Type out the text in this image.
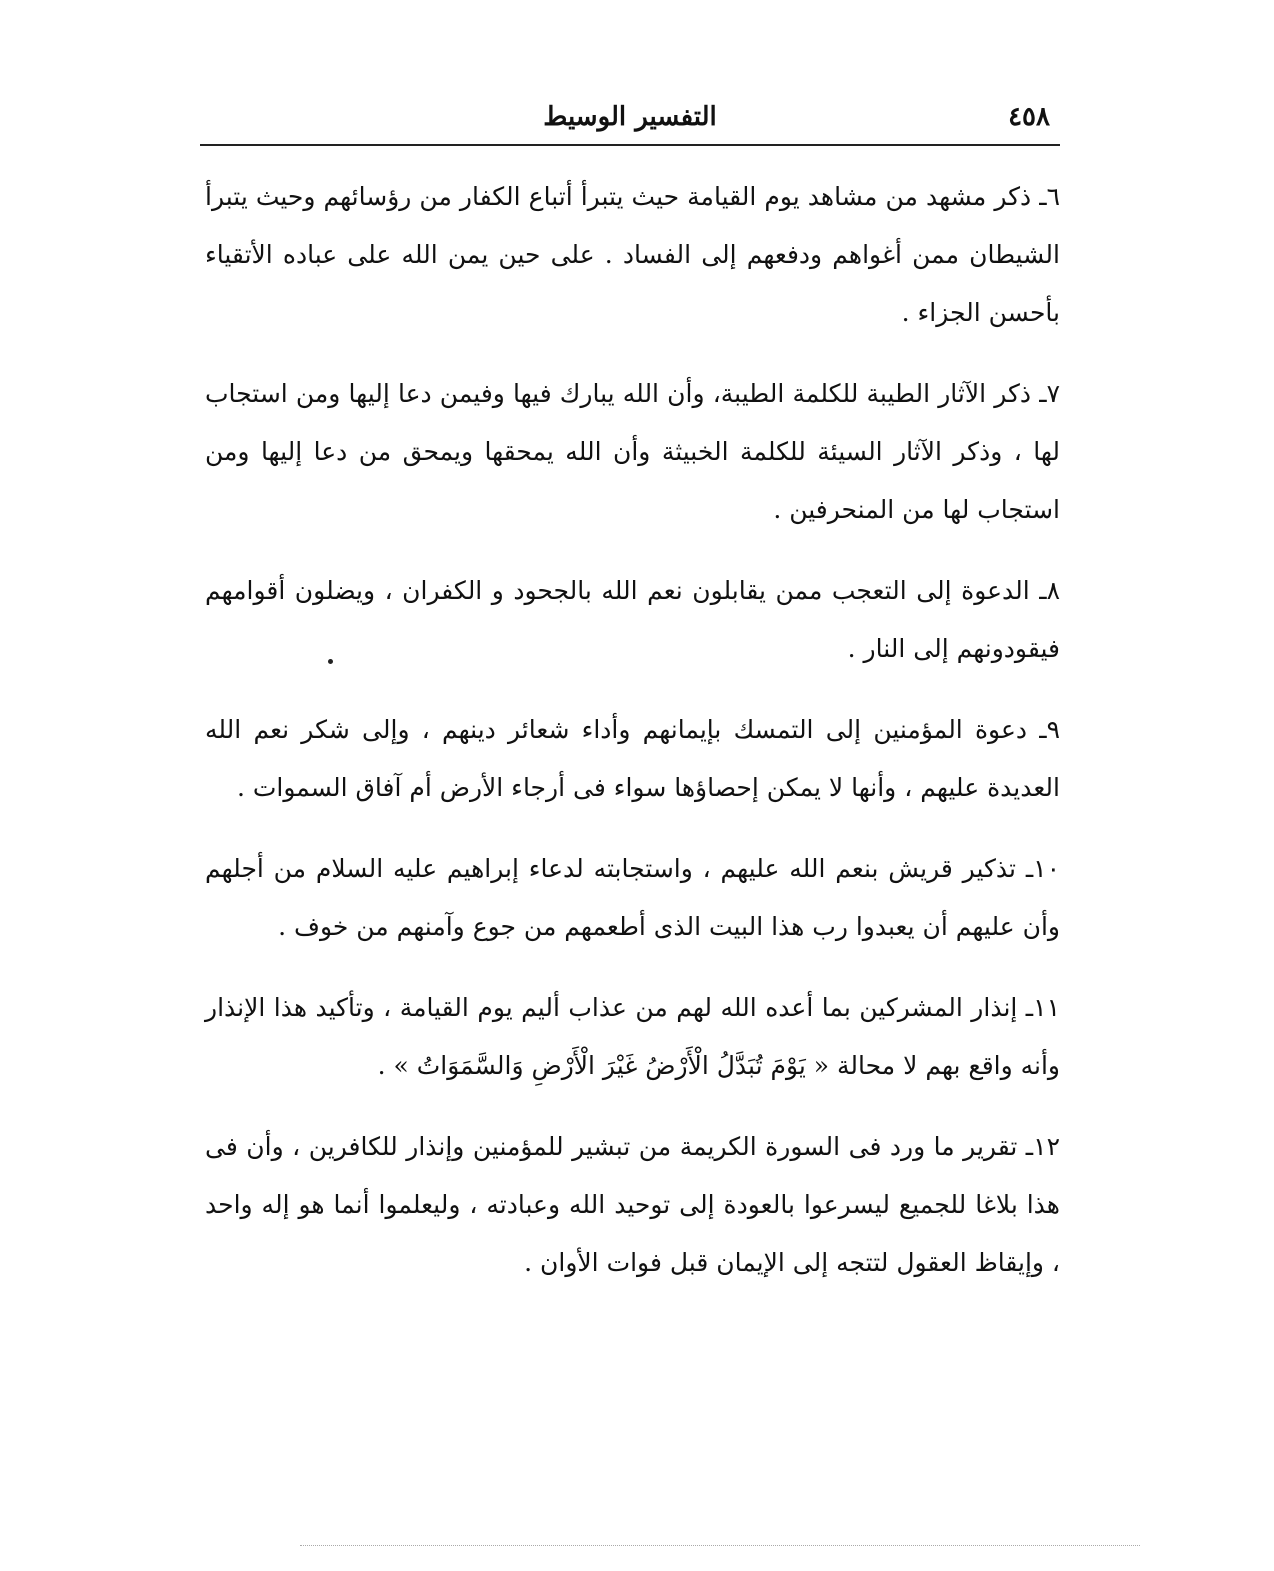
٤٥٨
التفسير الوسيط

٦ـ ذكر مشهد من مشاهد يوم القيامة حيث يتبرأ أتباع الكفار من رؤسائهم وحيث يتبرأ الشيطان ممن أغواهم ودفعهم إلى الفساد . على حين يمن الله على عباده الأتقياء بأحسن الجزاء .

٧ـ ذكر الآثار الطيبة للكلمة الطيبة، وأن الله يبارك فيها وفيمن دعا إليها ومن استجاب لها ، وذكر الآثار السيئة للكلمة الخبيثة وأن الله يمحقها ويمحق من دعا إليها ومن استجاب لها من المنحرفين .

٨ـ الدعوة إلى التعجب ممن يقابلون نعم الله بالجحود و الكفران ، ويضلون أقوامهم فيقودونهم إلى النار .

٩ـ دعوة المؤمنين إلى التمسك بإيمانهم وأداء شعائر دينهم ، وإلى شكر نعم الله العديدة عليهم ، وأنها لا يمكن إحصاؤها سواء فى أرجاء الأرض أم آفاق السموات .

١٠ـ تذكير قريش بنعم الله عليهم ، واستجابته لدعاء إبراهيم عليه السلام من أجلهم وأن عليهم أن يعبدوا رب هذا البيت الذى أطعمهم من جوع وآمنهم من خوف .

١١ـ إنذار المشركين بما أعده الله لهم من عذاب أليم يوم القيامة ، وتأكيد هذا الإنذار وأنه واقع بهم لا محالة « يَوْمَ تُبَدَّلُ الْأَرْضُ غَيْرَ الْأَرْضِ وَالسَّمَوَاتُ » .

١٢ـ تقرير ما ورد فى السورة الكريمة من تبشير للمؤمنين وإنذار للكافرين ، وأن فى هذا بلاغا للجميع ليسرعوا بالعودة إلى توحيد الله وعبادته ، وليعلموا أنما هو إله واحد ، وإيقاظ العقول لتتجه إلى الإيمان قبل فوات الأوان .
